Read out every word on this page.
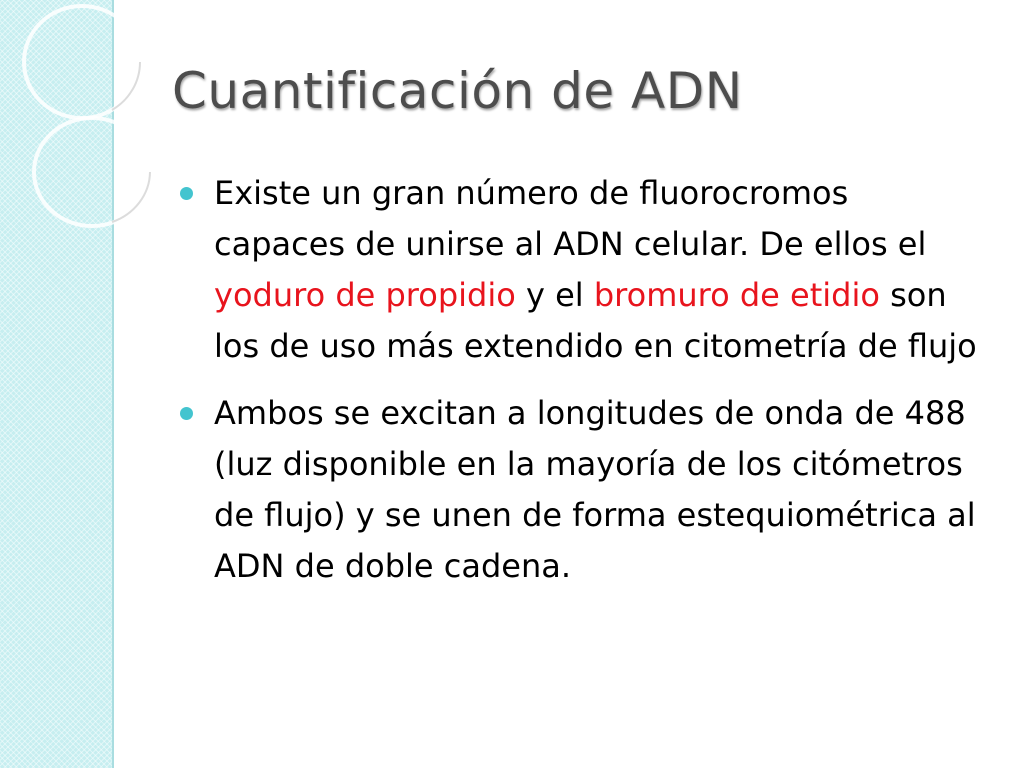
Cuantificación de ADN
Existe un gran número de fluorocromos capaces de unirse al ADN celular. De ellos el yoduro de propidio y el bromuro de etidio son los de uso más extendido en citometría de flujo
Ambos se excitan a longitudes de onda de 488 (luz disponible en la mayoría de los citómetros de flujo) y se unen de forma estequiométrica al ADN de doble cadena.
